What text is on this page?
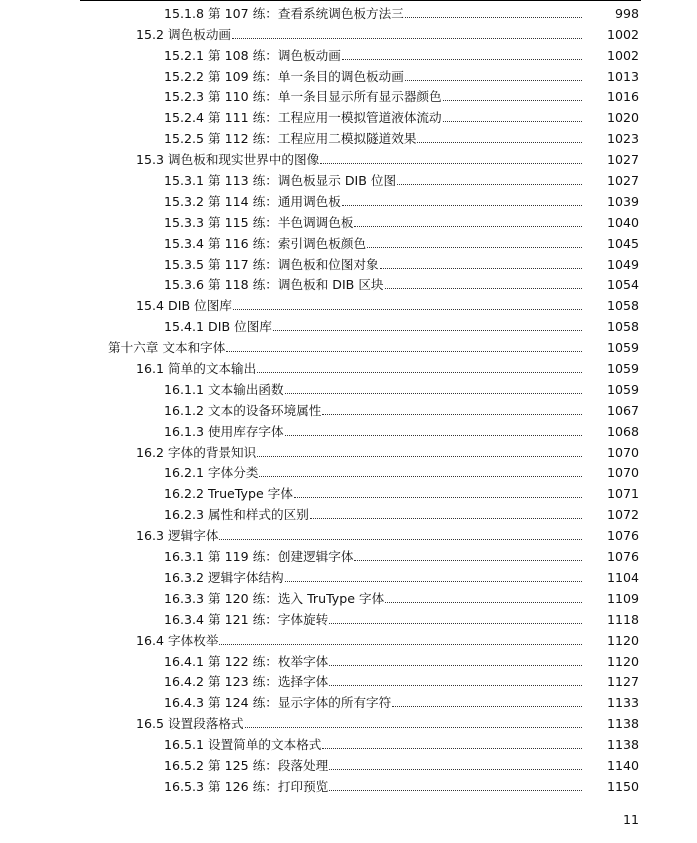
15.1.8 第 107 练：查看系统调色板方法三	998
15.2 调色板动画	1002
15.2.1 第 108 练：调色板动画	1002
15.2.2 第 109 练：单一条目的调色板动画	1013
15.2.3 第 110 练：单一条目显示所有显示器颜色	1016
15.2.4 第 111 练：工程应用一模拟管道液体流动	1020
15.2.5 第 112 练：工程应用二模拟隧道效果	1023
15.3 调色板和现实世界中的图像	1027
15.3.1 第 113 练：调色板显示 DIB 位图	1027
15.3.2 第 114 练：通用调色板	1039
15.3.3 第 115 练：半色调调色板	1040
15.3.4 第 116 练：索引调色板颜色	1045
15.3.5 第 117 练：调色板和位图对象	1049
15.3.6 第 118 练：调色板和 DIB 区块	1054
15.4 DIB 位图库	1058
15.4.1 DIB 位图库	1058
第十六章 文本和字体	1059
16.1 简单的文本输出	1059
16.1.1 文本输出函数	1059
16.1.2 文本的设备环境属性	1067
16.1.3 使用库存字体	1068
16.2 字体的背景知识	1070
16.2.1 字体分类	1070
16.2.2 TrueType 字体	1071
16.2.3 属性和样式的区别	1072
16.3 逻辑字体	1076
16.3.1 第 119 练：创建逻辑字体	1076
16.3.2 逻辑字体结构	1104
16.3.3 第 120 练：选入 TruType 字体	1109
16.3.4 第 121 练：字体旋转	1118
16.4 字体枚举	1120
16.4.1 第 122 练：枚举字体	1120
16.4.2 第 123 练：选择字体	1127
16.4.3 第 124 练：显示字体的所有字符	1133
16.5 设置段落格式	1138
16.5.1 设置简单的文本格式	1138
16.5.2 第 125 练：段落处理	1140
16.5.3 第 126 练：打印预览	1150
11
